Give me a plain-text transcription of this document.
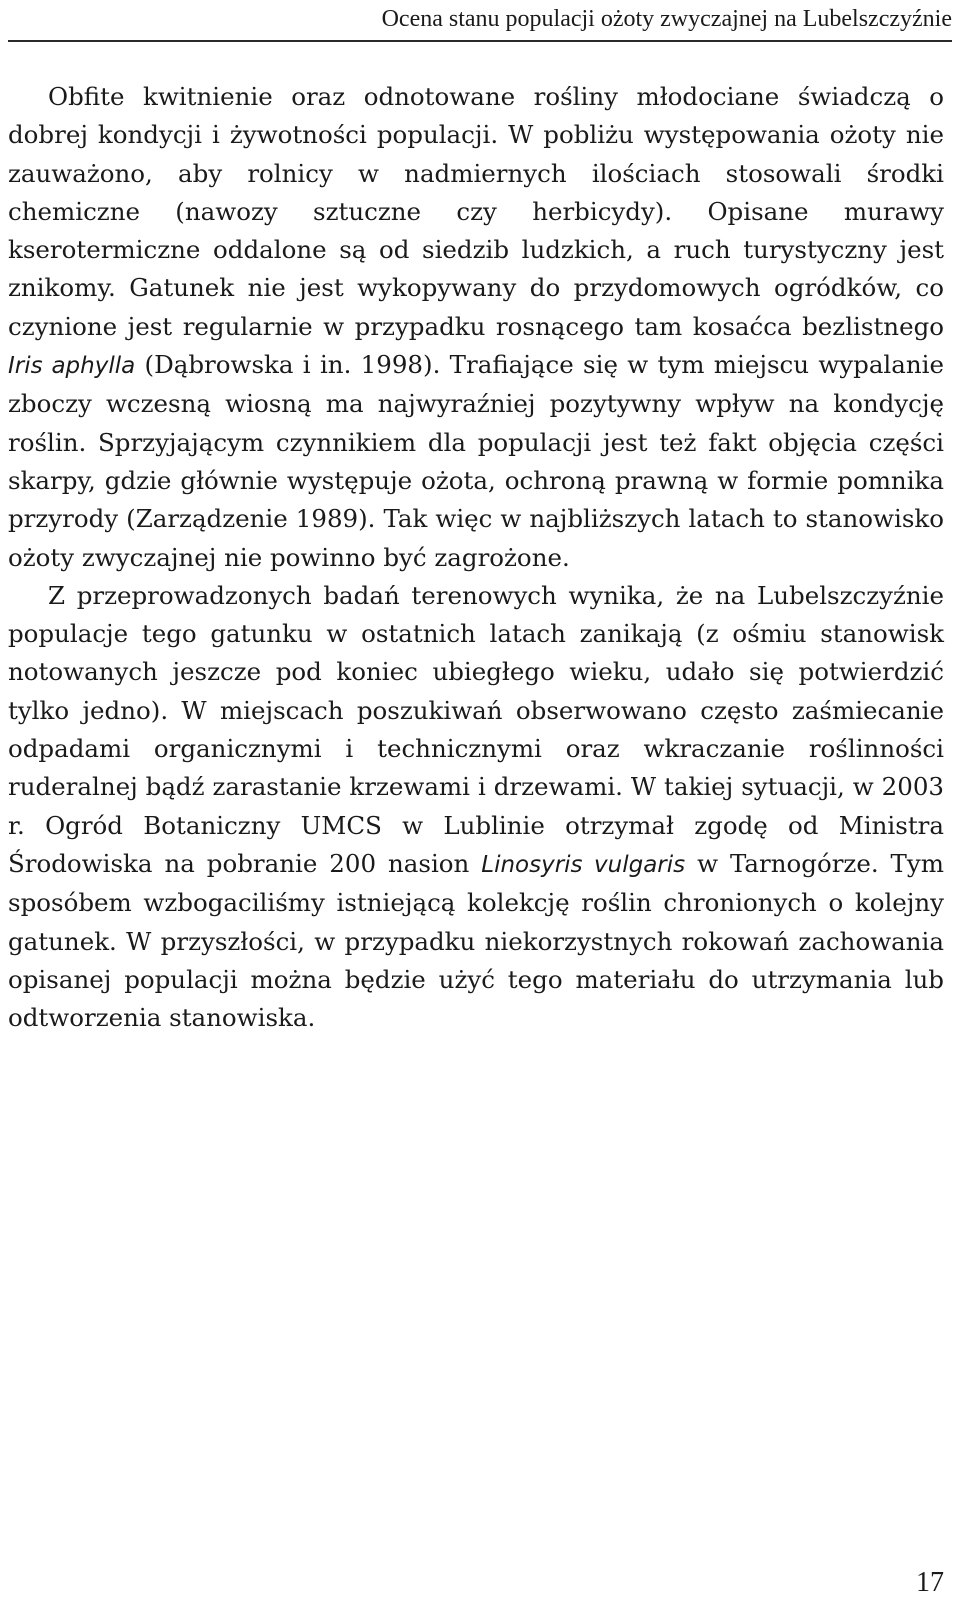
Ocena stanu populacji ożoty zwyczajnej na Lubelszczyźnie

Obfite kwitnienie oraz odnotowane rośliny młodociane świadczą o dobrej kondycji i żywotności populacji. W pobliżu występowania ożoty nie zauważono, aby rolnicy w nadmiernych ilościach stosowali środki chemiczne (nawozy sztuczne czy herbicydy). Opisane murawy kserotermiczne oddalone są od siedzib ludzkich, a ruch turystyczny jest znikomy. Gatunek nie jest wykopywany do przydomowych ogródków, co czynione jest regularnie w przypadku rosnącego tam kosaćca bezlistnego Iris aphylla (Dąbrowska i in. 1998). Trafiające się w tym miejscu wypalanie zboczy wczesną wiosną ma najwyraźniej pozytywny wpływ na kondycję roślin. Sprzyjającym czynnikiem dla populacji jest też fakt objęcia części skarpy, gdzie głównie występuje ożota, ochroną prawną w formie pomnika przyrody (Zarządzenie 1989). Tak więc w najbliższych latach to stanowisko ożoty zwyczajnej nie powinno być zagrożone.

Z przeprowadzonych badań terenowych wynika, że na Lubelszczyźnie populacje tego gatunku w ostatnich latach zanikają (z ośmiu stanowisk notowanych jeszcze pod koniec ubiegłego wieku, udało się potwierdzić tylko jedno). W miejscach poszukiwań obserwowano często zaśmiecanie odpadami organicznymi i technicznymi oraz wkraczanie roślinności ruderalnej bądź zarastanie krzewami i drzewami. W takiej sytuacji, w 2003 r. Ogród Botaniczny UMCS w Lublinie otrzymał zgodę od Ministra Środowiska na pobranie 200 nasion Linosyris vulgaris w Tarnogórze. Tym sposóbem wzbogaciliśmy istniejącą kolekcję roślin chronionych o kolejny gatunek. W przyszłości, w przypadku niekorzystnych rokowań zachowania opisanej populacji można będzie użyć tego materiału do utrzymania lub odtworzenia stanowiska.

17
